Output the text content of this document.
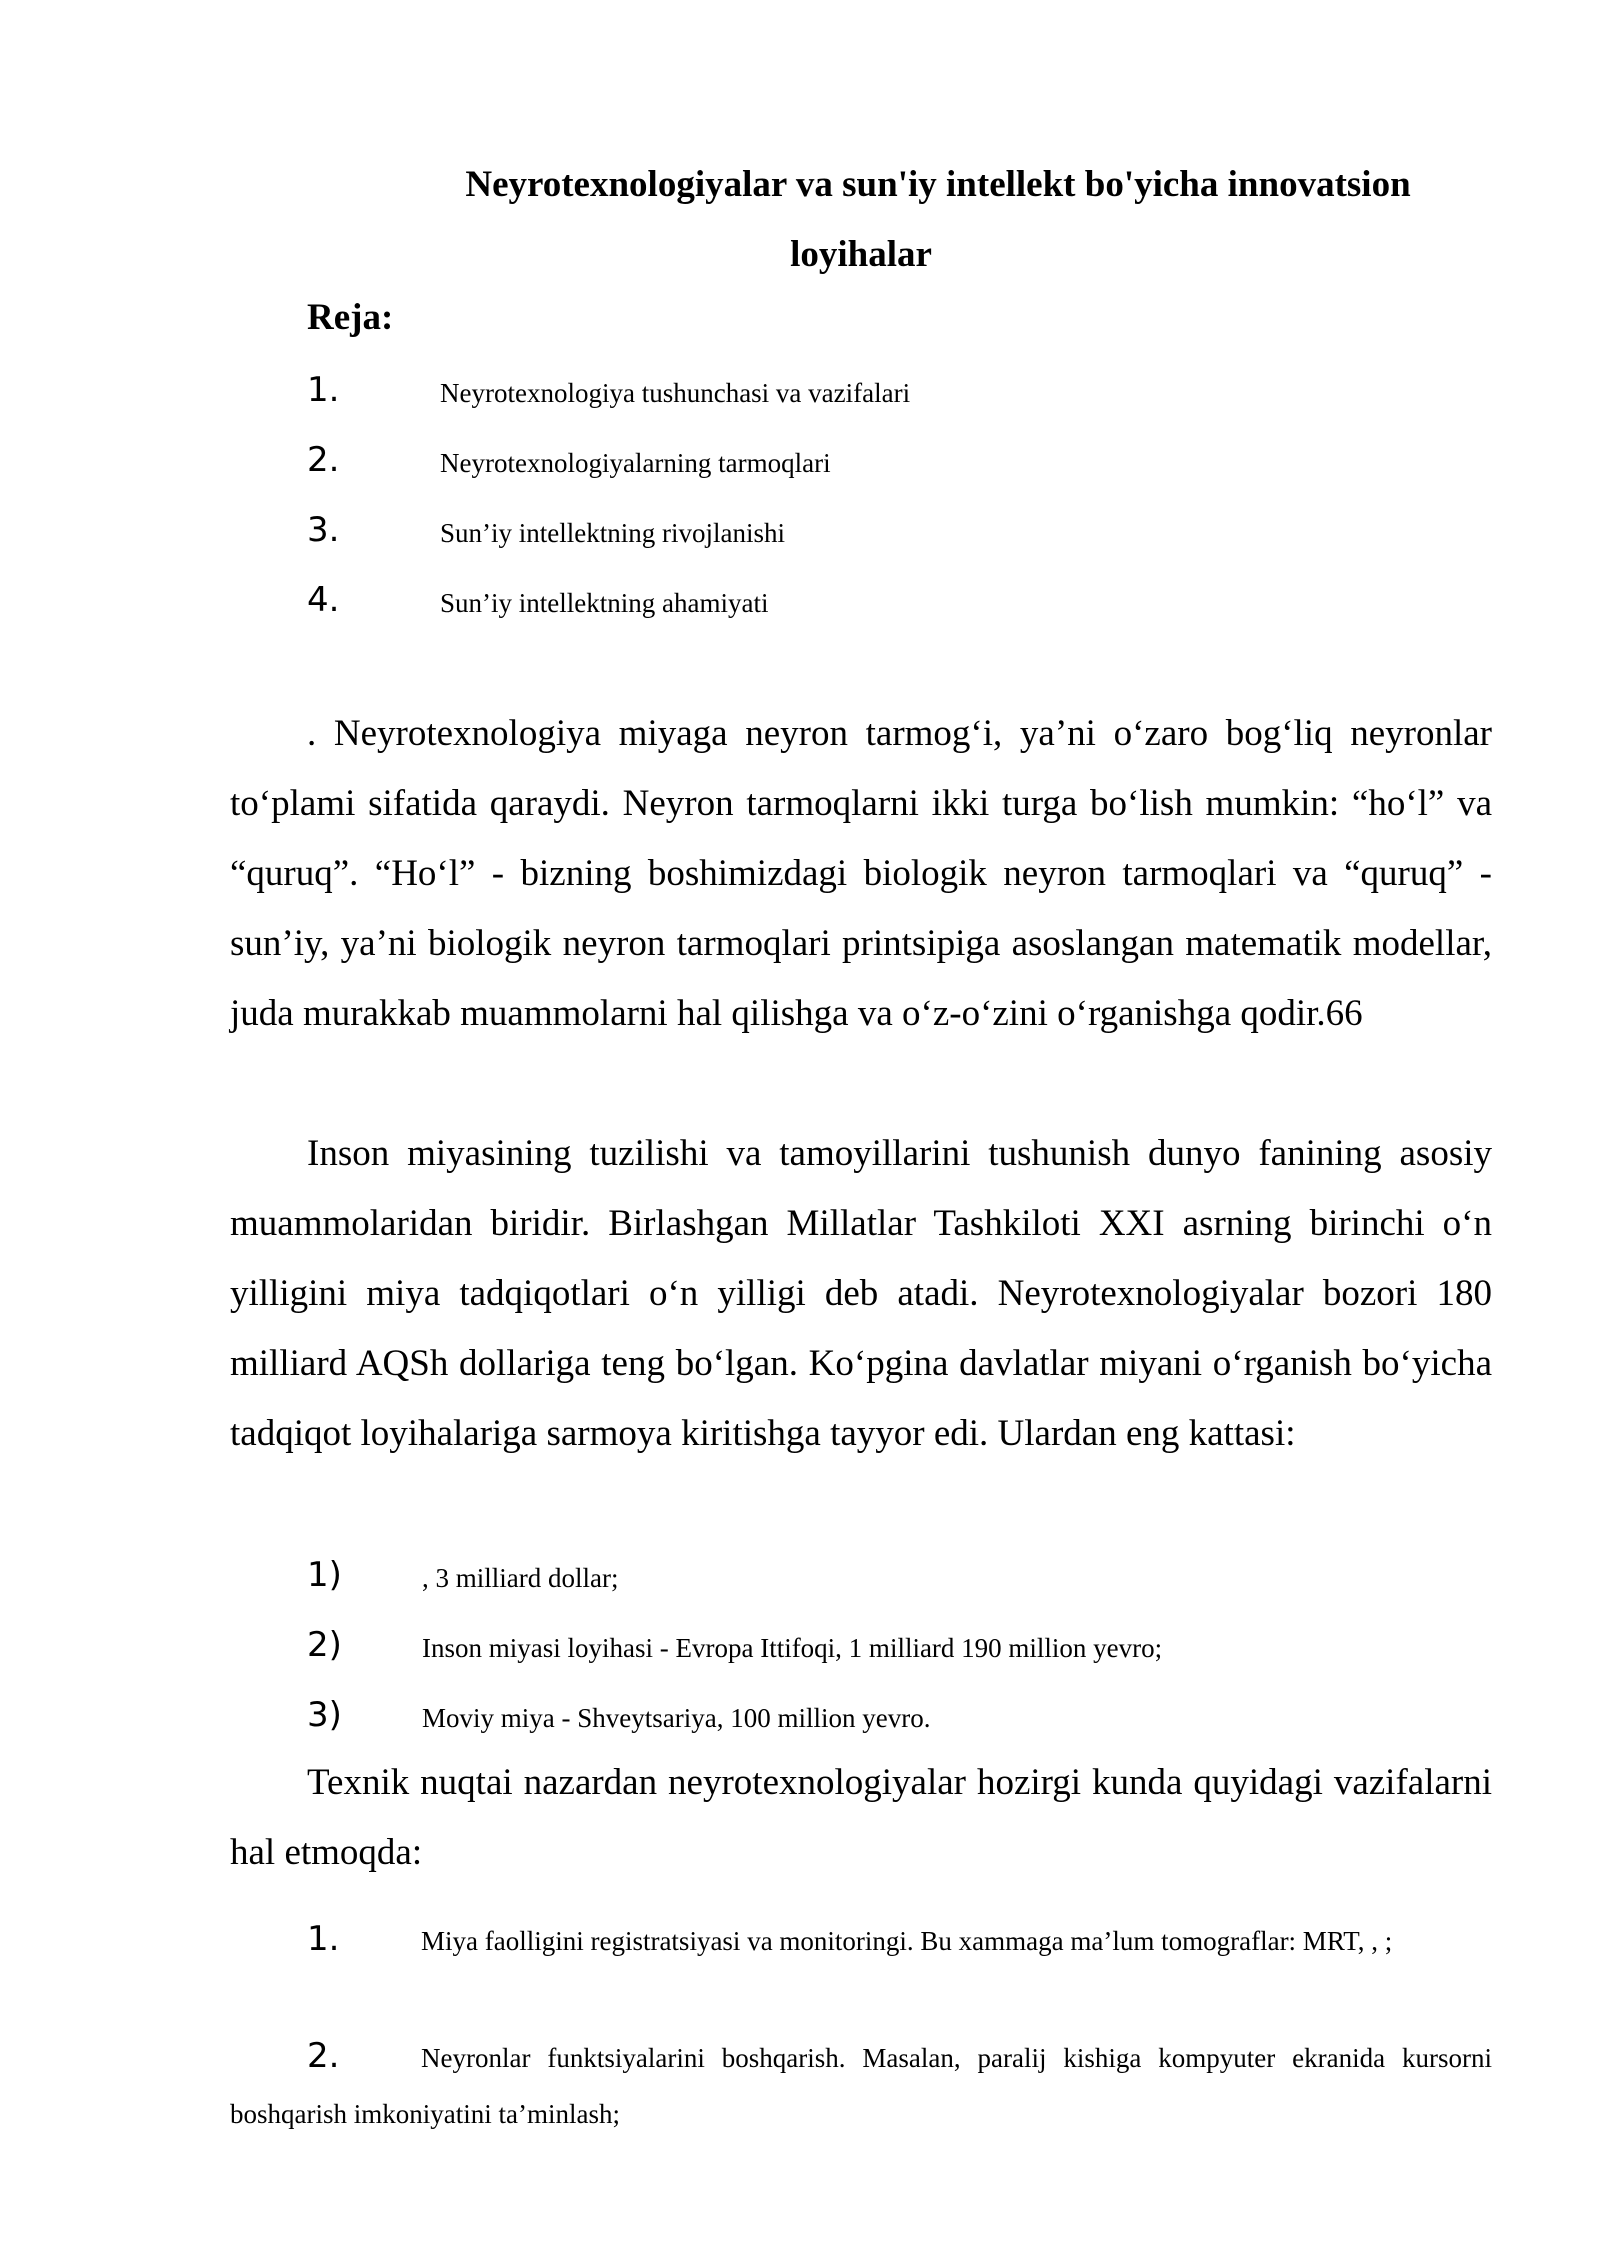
Neyrotexnologiyalar va sun'iy intellekt bo'yicha innovatsion
loyihalar
Reja:
1.	Neyrotexnologiya tushunchasi va vazifalari
2.	Neyrotexnologiyalarning tarmoqlari
3.	Sun’iy intellektning rivojlanishi
4.	Sun’iy intellektning ahamiyati

. Neyrotexnologiya miyaga neyron tarmog‘i, ya’ni o‘zaro bog‘liq neyronlar to‘plami sifatida qaraydi. Neyron tarmoqlarni ikki turga bo‘lish mumkin: “ho‘l” va “quruq”. “Ho‘l” - bizning boshimizdagi biologik neyron tarmoqlari va “quruq” - sun’iy, ya’ni biologik neyron tarmoqlari printsipiga asoslangan matematik modellar, juda murakkab muammolarni hal qilishga va o‘z-o‘zini o‘rganishga qodir.66

Inson miyasining tuzilishi va tamoyillarini tushunish dunyo fanining asosiy muammolaridan biridir. Birlashgan Millatlar Tashkiloti XXI asrning birinchi o‘n yilligini miya tadqiqotlari o‘n yilligi deb atadi. Neyrotexnologiyalar bozori 180 milliard AQSh dollariga teng bo‘lgan. Ko‘pgina davlatlar miyani o‘rganish bo‘yicha tadqiqot loyihalariga sarmoya kiritishga tayyor edi. Ulardan eng kattasi:

1)	, 3 milliard dollar;
2)	Inson miyasi loyihasi - Evropa Ittifoqi, 1 milliard 190 million yevro;
3)	Moviy miya - Shveytsariya, 100 million yevro.

Texnik nuqtai nazardan neyrotexnologiyalar hozirgi kunda quyidagi vazifalarni hal etmoqda:

1.	Miya faolligini registratsiyasi va monitoringi. Bu xammaga ma’lum tomograflar: MRT, , ;
2.	Neyronlar funktsiyalarini boshqarish. Masalan, paralij kishiga kompyuter ekranida kursorni boshqarish imkoniyatini ta’minlash;
